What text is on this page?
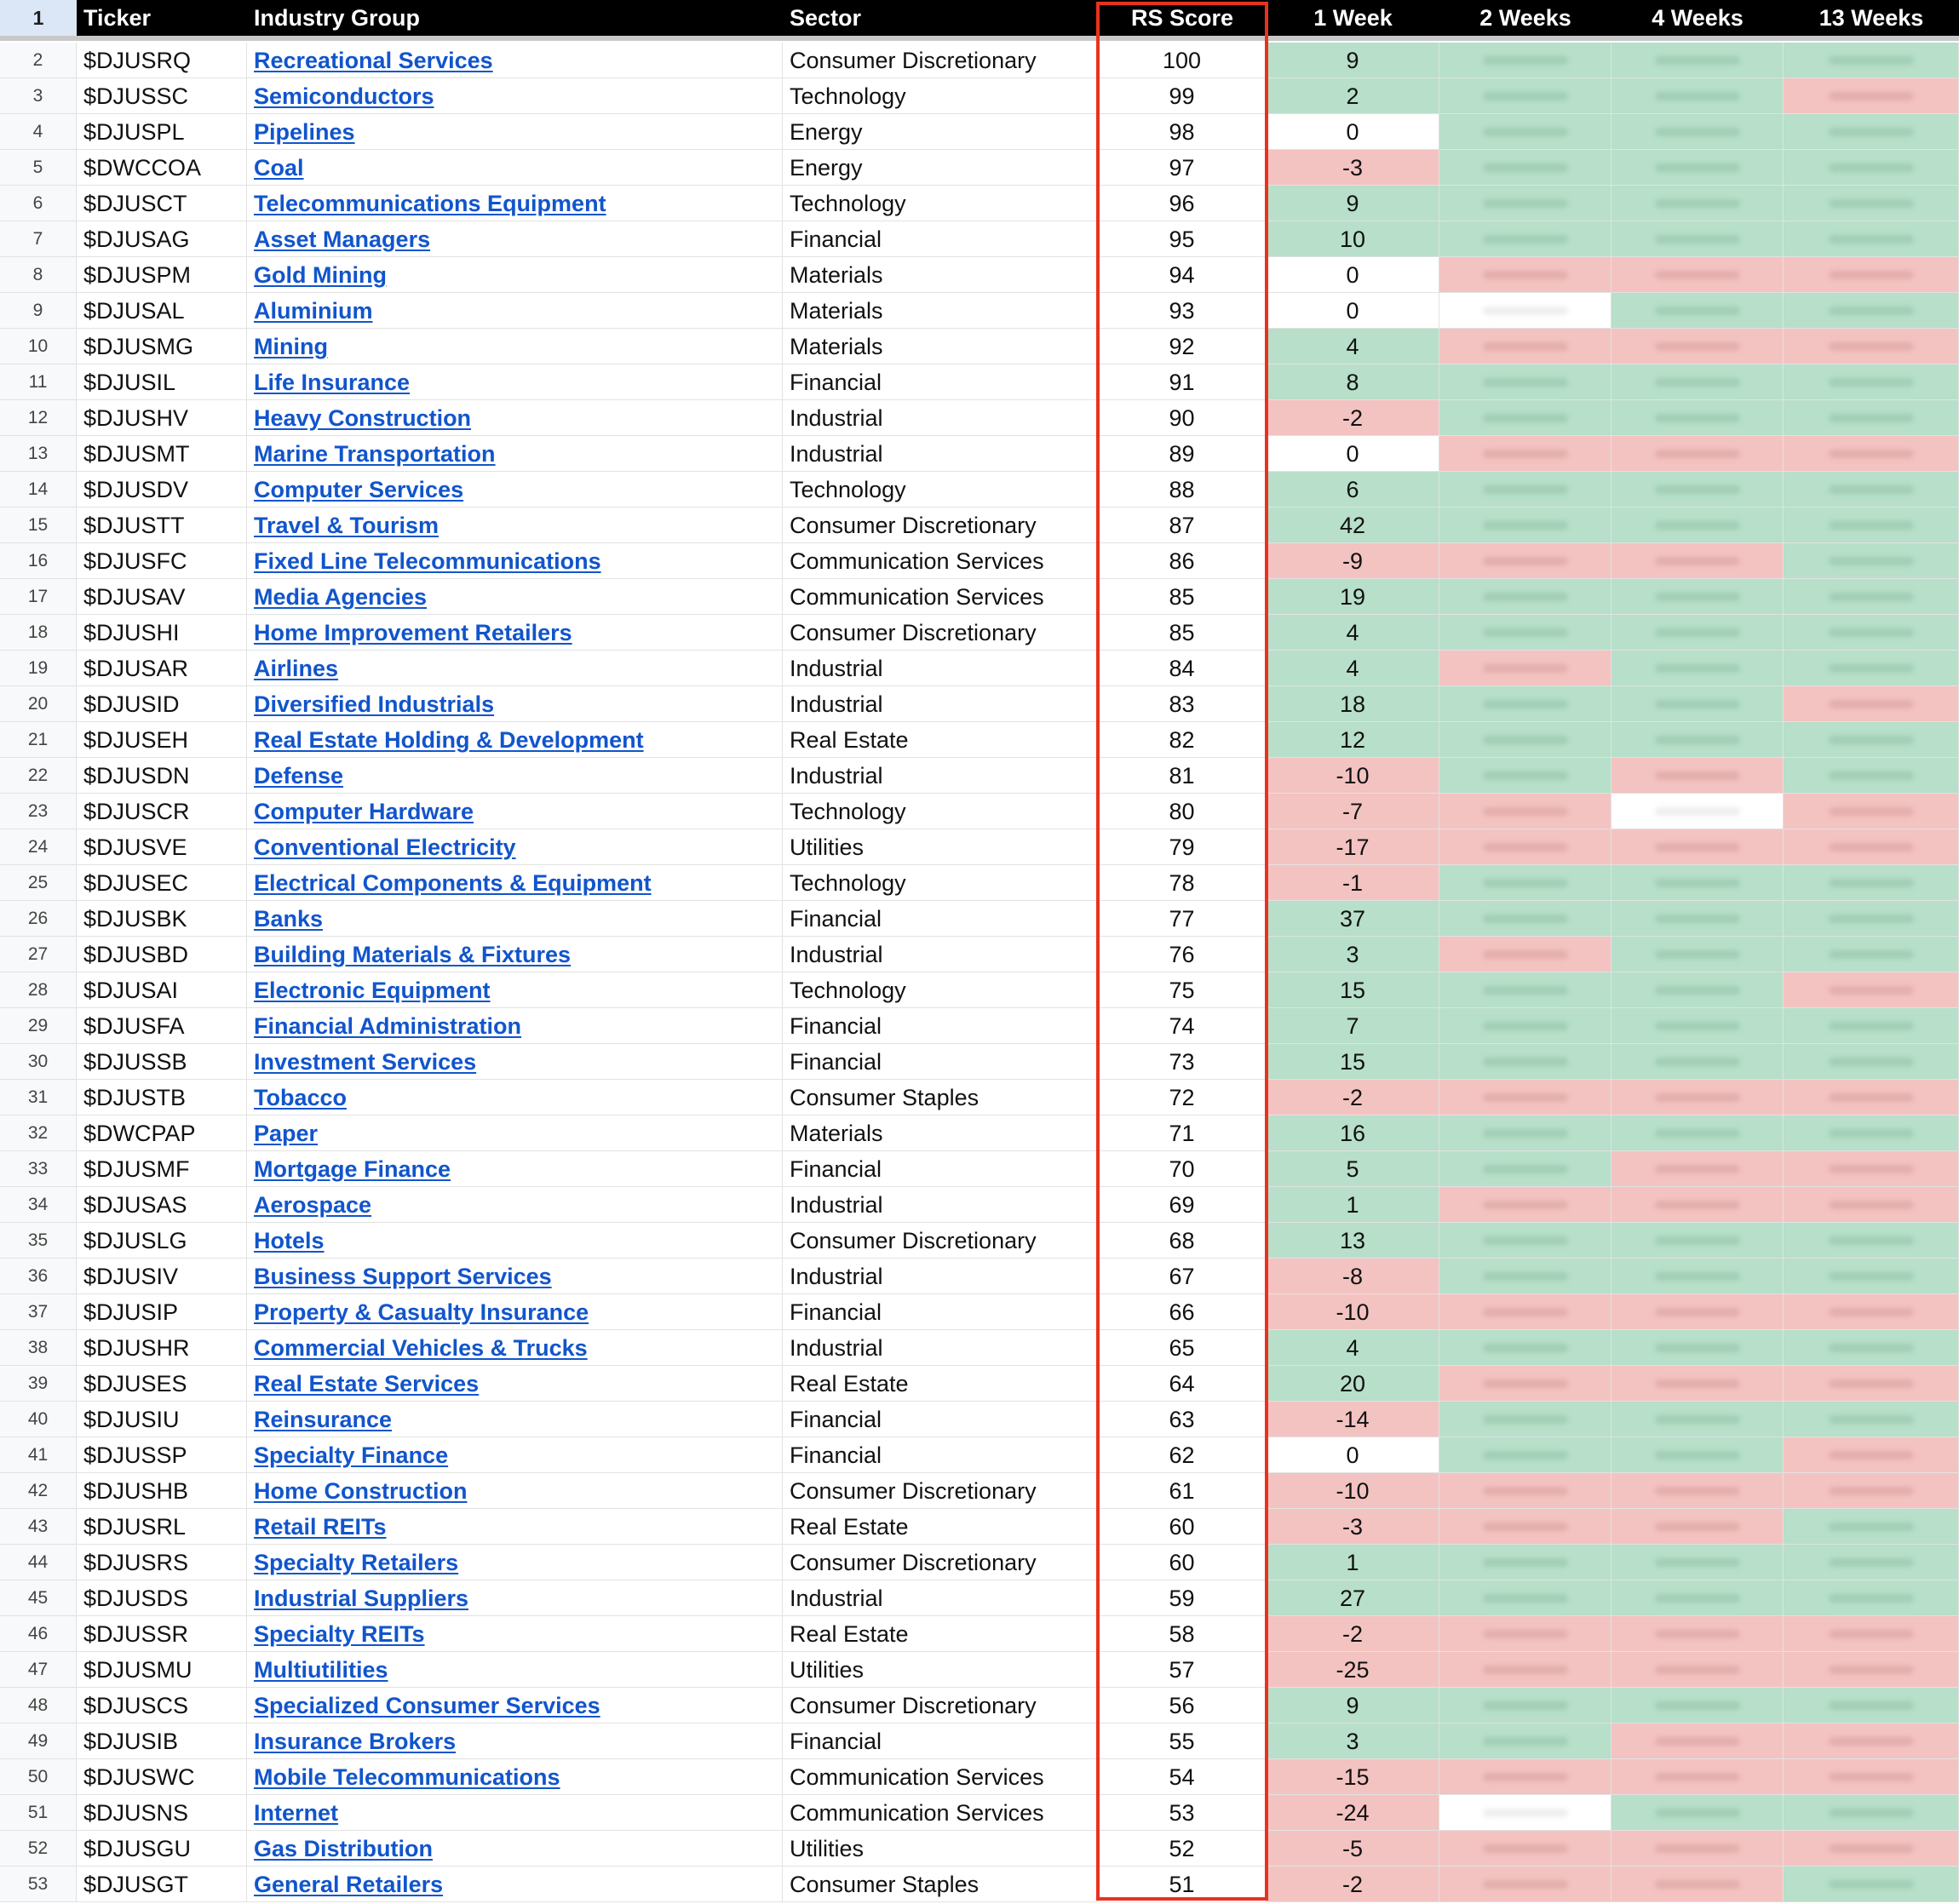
1	Ticker	Industry Group	Sector	RS Score	1 Week	2 Weeks	4 Weeks	13 Weeks
2	$DJUSRQ	Recreational Services	Consumer Discretionary	100	9
3	$DJUSSC	Semiconductors	Technology	99	2
4	$DJUSPL	Pipelines	Energy	98	0
5	$DWCCOA	Coal	Energy	97	-3
6	$DJUSCT	Telecommunications Equipment	Technology	96	9
7	$DJUSAG	Asset Managers	Financial	95	10
8	$DJUSPM	Gold Mining	Materials	94	0
9	$DJUSAL	Aluminium	Materials	93	0
10	$DJUSMG	Mining	Materials	92	4
11	$DJUSIL	Life Insurance	Financial	91	8
12	$DJUSHV	Heavy Construction	Industrial	90	-2
13	$DJUSMT	Marine Transportation	Industrial	89	0
14	$DJUSDV	Computer Services	Technology	88	6
15	$DJUSTT	Travel & Tourism	Consumer Discretionary	87	42
16	$DJUSFC	Fixed Line Telecommunications	Communication Services	86	-9
17	$DJUSAV	Media Agencies	Communication Services	85	19
18	$DJUSHI	Home Improvement Retailers	Consumer Discretionary	85	4
19	$DJUSAR	Airlines	Industrial	84	4
20	$DJUSID	Diversified Industrials	Industrial	83	18
21	$DJUSEH	Real Estate Holding & Development	Real Estate	82	12
22	$DJUSDN	Defense	Industrial	81	-10
23	$DJUSCR	Computer Hardware	Technology	80	-7
24	$DJUSVE	Conventional Electricity	Utilities	79	-17
25	$DJUSEC	Electrical Components & Equipment	Technology	78	-1
26	$DJUSBK	Banks	Financial	77	37
27	$DJUSBD	Building Materials & Fixtures	Industrial	76	3
28	$DJUSAI	Electronic Equipment	Technology	75	15
29	$DJUSFA	Financial Administration	Financial	74	7
30	$DJUSSB	Investment Services	Financial	73	15
31	$DJUSTB	Tobacco	Consumer Staples	72	-2
32	$DWCPAP	Paper	Materials	71	16
33	$DJUSMF	Mortgage Finance	Financial	70	5
34	$DJUSAS	Aerospace	Industrial	69	1
35	$DJUSLG	Hotels	Consumer Discretionary	68	13
36	$DJUSIV	Business Support Services	Industrial	67	-8
37	$DJUSIP	Property & Casualty Insurance	Financial	66	-10
38	$DJUSHR	Commercial Vehicles & Trucks	Industrial	65	4
39	$DJUSES	Real Estate Services	Real Estate	64	20
40	$DJUSIU	Reinsurance	Financial	63	-14
41	$DJUSSP	Specialty Finance	Financial	62	0
42	$DJUSHB	Home Construction	Consumer Discretionary	61	-10
43	$DJUSRL	Retail REITs	Real Estate	60	-3
44	$DJUSRS	Specialty Retailers	Consumer Discretionary	60	1
45	$DJUSDS	Industrial Suppliers	Industrial	59	27
46	$DJUSSR	Specialty REITs	Real Estate	58	-2
47	$DJUSMU	Multiutilities	Utilities	57	-25
48	$DJUSCS	Specialized Consumer Services	Consumer Discretionary	56	9
49	$DJUSIB	Insurance Brokers	Financial	55	3
50	$DJUSWC	Mobile Telecommunications	Communication Services	54	-15
51	$DJUSNS	Internet	Communication Services	53	-24
52	$DJUSGU	Gas Distribution	Utilities	52	-5
53	$DJUSGT	General Retailers	Consumer Staples	51	-2
